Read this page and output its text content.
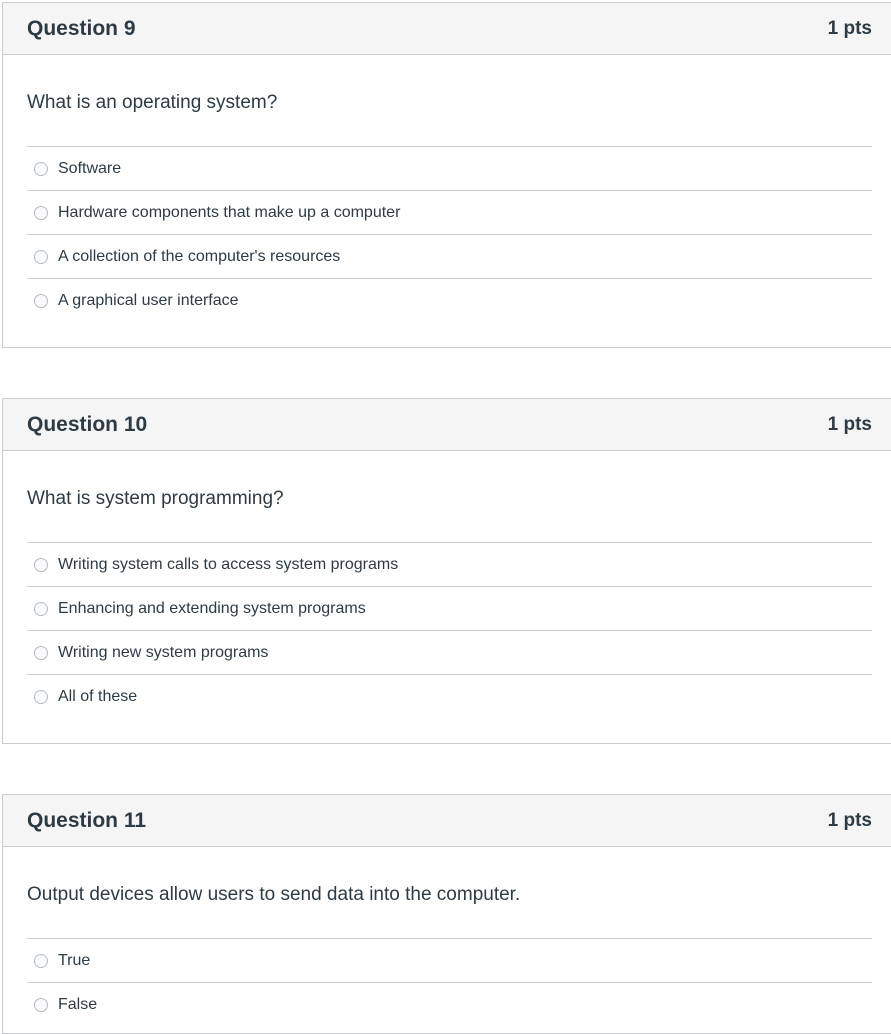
Question 9	1 pts

What is an operating system?

Software
Hardware components that make up a computer
A collection of the computer's resources
A graphical user interface
Question 10	1 pts

What is system programming?

Writing system calls to access system programs
Enhancing and extending system programs
Writing new system programs
All of these
Question 11	1 pts

Output devices allow users to send data into the computer.

True
False
